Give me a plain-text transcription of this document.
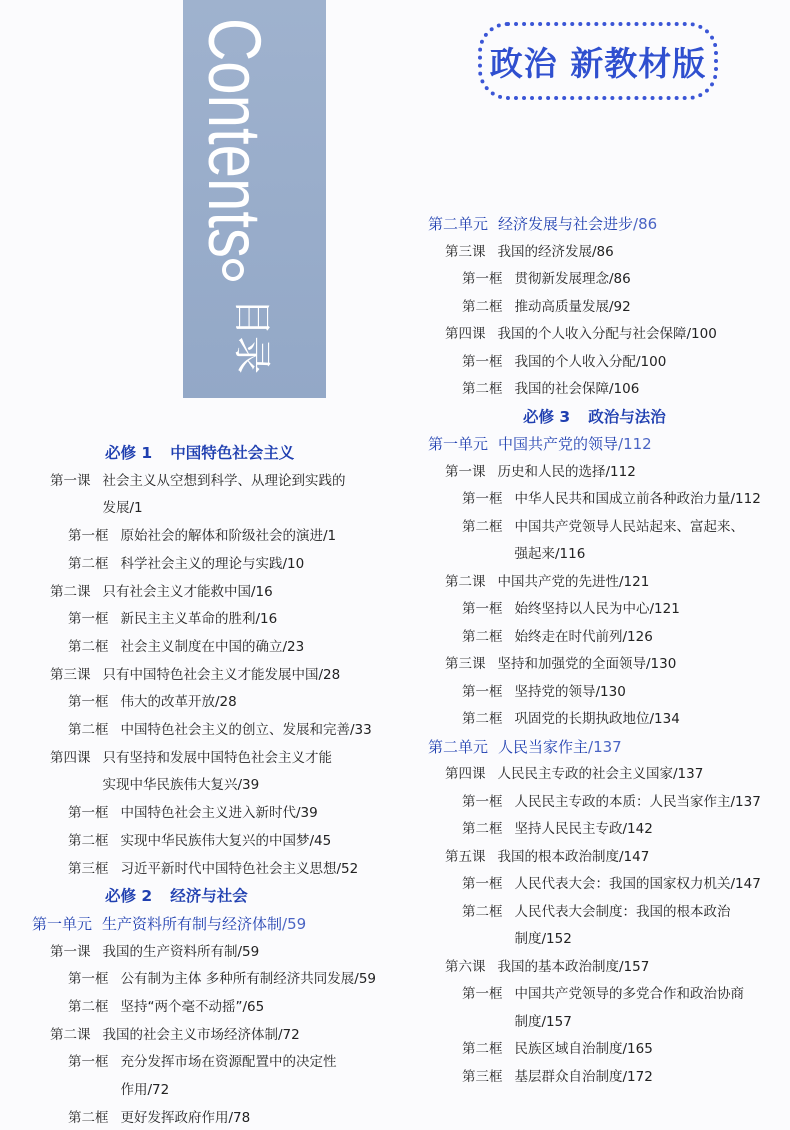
Contents
目录
政治 新教材版
必修 1 中国特色社会主义
第一课 社会主义从空想到科学、从理论到实践的
发展/1
第一框 原始社会的解体和阶级社会的演进/1
第二框 科学社会主义的理论与实践/10
第二课 只有社会主义才能救中国/16
第一框 新民主主义革命的胜利/16
第二框 社会主义制度在中国的确立/23
第三课 只有中国特色社会主义才能发展中国/28
第一框 伟大的改革开放/28
第二框 中国特色社会主义的创立、发展和完善/33
第四课 只有坚持和发展中国特色社会主义才能
实现中华民族伟大复兴/39
第一框 中国特色社会主义进入新时代/39
第二框 实现中华民族伟大复兴的中国梦/45
第三框 习近平新时代中国特色社会主义思想/52
必修 2 经济与社会
第一单元 生产资料所有制与经济体制/59
第一课 我国的生产资料所有制/59
第一框 公有制为主体 多种所有制经济共同发展/59
第二框 坚持“两个毫不动摇”/65
第二课 我国的社会主义市场经济体制/72
第一框 充分发挥市场在资源配置中的决定性
作用/72
第二框 更好发挥政府作用/78
第二单元 经济发展与社会进步/86
第三课 我国的经济发展/86
第一框 贯彻新发展理念/86
第二框 推动高质量发展/92
第四课 我国的个人收入分配与社会保障/100
第一框 我国的个人收入分配/100
第二框 我国的社会保障/106
必修 3 政治与法治
第一单元 中国共产党的领导/112
第一课 历史和人民的选择/112
第一框 中华人民共和国成立前各种政治力量/112
第二框 中国共产党领导人民站起来、富起来、
强起来/116
第二课 中国共产党的先进性/121
第一框 始终坚持以人民为中心/121
第二框 始终走在时代前列/126
第三课 坚持和加强党的全面领导/130
第一框 坚持党的领导/130
第二框 巩固党的长期执政地位/134
第二单元 人民当家作主/137
第四课 人民民主专政的社会主义国家/137
第一框 人民民主专政的本质：人民当家作主/137
第二框 坚持人民民主专政/142
第五课 我国的根本政治制度/147
第一框 人民代表大会：我国的国家权力机关/147
第二框 人民代表大会制度：我国的根本政治
制度/152
第六课 我国的基本政治制度/157
第一框 中国共产党领导的多党合作和政治协商
制度/157
第二框 民族区域自治制度/165
第三框 基层群众自治制度/172
